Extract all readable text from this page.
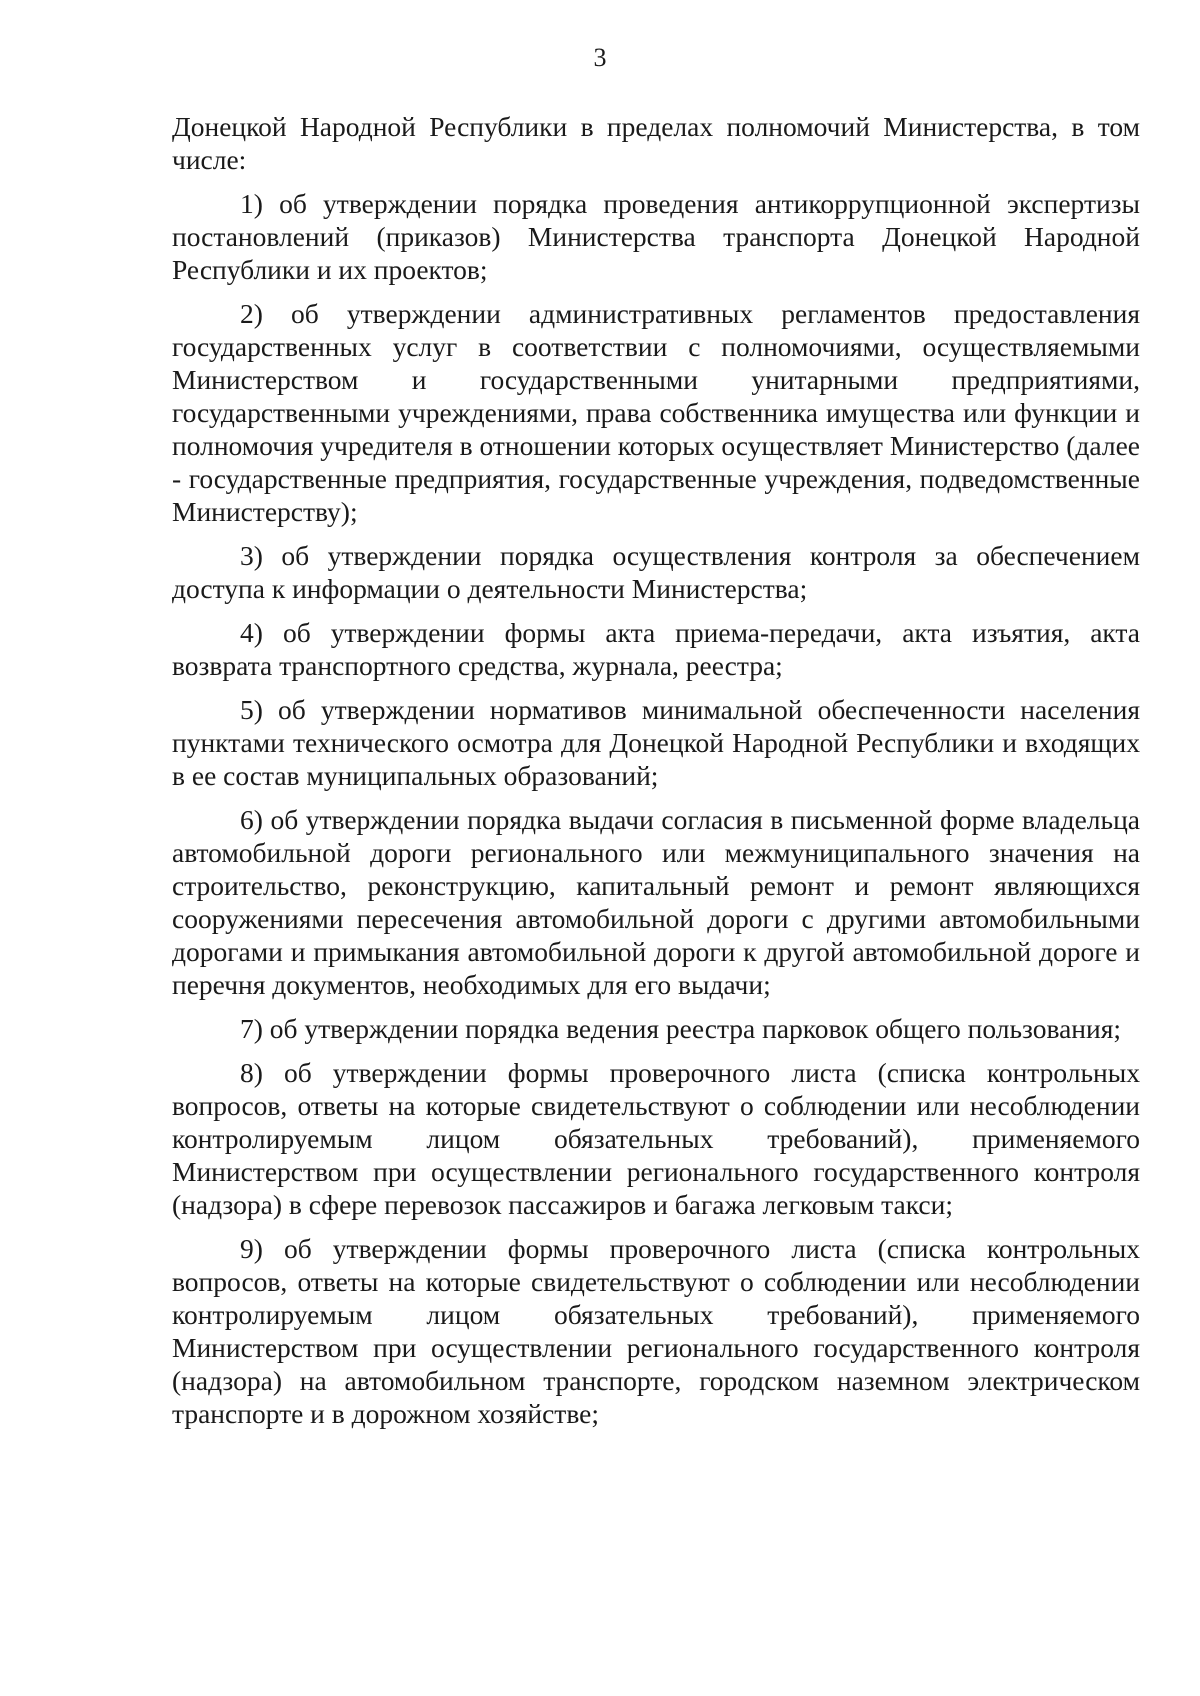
3

Донецкой Народной Республики в пределах полномочий Министерства, в том числе:

1) об утверждении порядка проведения антикоррупционной экспертизы постановлений (приказов) Министерства транспорта Донецкой Народной Республики и их проектов;

2) об утверждении административных регламентов предоставления государственных услуг в соответствии с полномочиями, осуществляемыми Министерством и государственными унитарными предприятиями, государственными учреждениями, права собственника имущества или функции и полномочия учредителя в отношении которых осуществляет Министерство (далее - государственные предприятия, государственные учреждения, подведомственные Министерству);

3) об утверждении порядка осуществления контроля за обеспечением доступа к информации о деятельности Министерства;

4) об утверждении формы акта приема-передачи, акта изъятия, акта возврата транспортного средства, журнала, реестра;

5) об утверждении нормативов минимальной обеспеченности населения пунктами технического осмотра для Донецкой Народной Республики и входящих в ее состав муниципальных образований;

6) об утверждении порядка выдачи согласия в письменной форме владельца автомобильной дороги регионального или межмуниципального значения на строительство, реконструкцию, капитальный ремонт и ремонт являющихся сооружениями пересечения автомобильной дороги с другими автомобильными дорогами и примыкания автомобильной дороги к другой автомобильной дороге и перечня документов, необходимых для его выдачи;

7) об утверждении порядка ведения реестра парковок общего пользования;

8) об утверждении формы проверочного листа (списка контрольных вопросов, ответы на которые свидетельствуют о соблюдении или несоблюдении контролируемым лицом обязательных требований), применяемого Министерством при осуществлении регионального государственного контроля (надзора) в сфере перевозок пассажиров и багажа легковым такси;

9) об утверждении формы проверочного листа (списка контрольных вопросов, ответы на которые свидетельствуют о соблюдении или несоблюдении контролируемым лицом обязательных требований), применяемого Министерством при осуществлении регионального государственного контроля (надзора) на автомобильном транспорте, городском наземном электрическом транспорте и в дорожном хозяйстве;
